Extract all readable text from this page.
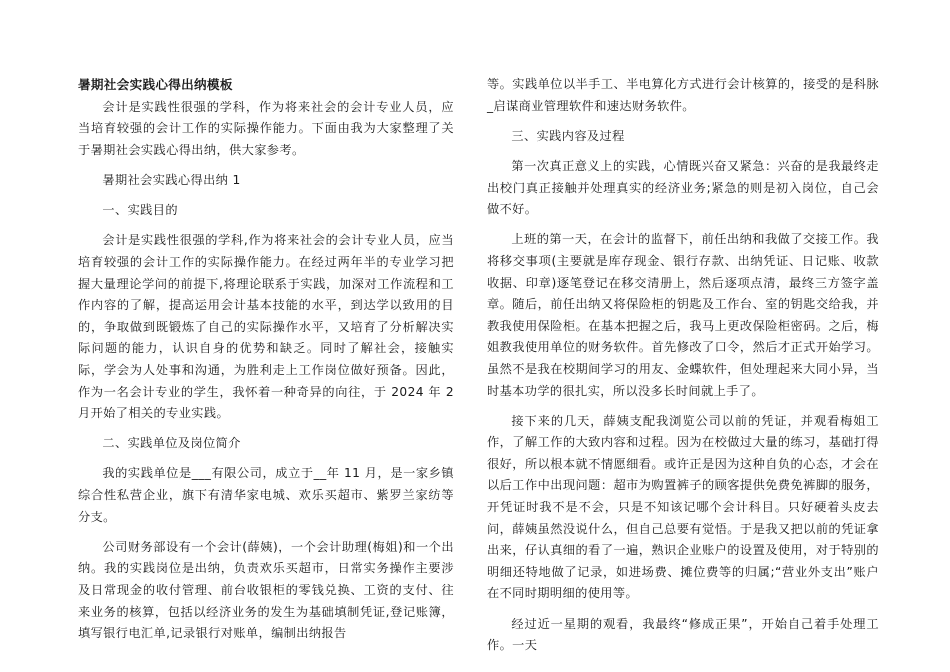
暑期社会实践心得出纳模板

会计是实践性很强的学科，作为将来社会的会计专业人员，应当培育较强的会计工作的实际操作能力。下面由我为大家整理了关于暑期社会实践心得出纳，供大家参考。

暑期社会实践心得出纳 1

一、实践目的

会计是实践性很强的学科,作为将来社会的会计专业人员，应当培育较强的会计工作的实际操作能力。在经过两年半的专业学习把握大量理论学问的前提下,将理论联系于实践，加深对工作流程和工作内容的了解，提高运用会计基本技能的水平，到达学以致用的目的，争取做到既锻炼了自己的实际操作水平，又培育了分析解决实际问题的能力，认识自身的优势和缺乏。同时了解社会，接触实际，学会为人处事和沟通，为胜利走上工作岗位做好预备。因此，作为一名会计专业的学生，我怀着一种奇异的向往，于 2024 年 2 月开始了相关的专业实践。

二、实践单位及岗位简介

我的实践单位是___有限公司，成立于__年 11 月，是一家乡镇综合性私营企业，旗下有清华家电城、欢乐买超市、紫罗兰家纺等分支。

公司财务部设有一个会计(薛姨)，一个会计助理(梅姐)和一个出纳。我的实践岗位是出纳，负责欢乐买超市，日常实务操作主要涉及日常现金的收付管理、前台收银柜的零钱兑换、工资的支付、往来业务的核算，包括以经济业务的发生为基础填制凭证,登记账簿，填写银行电汇单,记录银行对账单，编制出纳报告

等。实践单位以半手工、半电算化方式进行会计核算的，接受的是科脉_启谋商业管理软件和速达财务软件。

三、实践内容及过程

第一次真正意义上的实践，心情既兴奋又紧急：兴奋的是我最终走出校门真正接触并处理真实的经济业务;紧急的则是初入岗位，自己会做不好。

上班的第一天，在会计的监督下，前任出纳和我做了交接工作。我将移交事项(主要就是库存现金、银行存款、出纳凭证、日记账、收款收据、印章)逐笔登记在移交清册上，然后逐项点清，最终三方签字盖章。随后，前任出纳又将保险柜的钥匙及工作台、室的钥匙交给我，并教我使用保险柜。在基本把握之后，我马上更改保险柜密码。之后，梅姐教我使用单位的财务软件。首先修改了口令，然后才正式开始学习。虽然不是我在校期间学习的用友、金蝶软件，但处理起来大同小异，当时基本功学的很扎实，所以没多长时间就上手了。

接下来的几天，薛姨支配我浏览公司以前的凭证，并观看梅姐工作，了解工作的大致内容和过程。因为在校做过大量的练习，基础打得很好，所以根本就不情愿细看。或许正是因为这种自负的心态，才会在以后工作中出现问题：超市为购置裤子的顾客提供免费免裤脚的服务，开凭证时我不是不会，只是不知该记哪个会计科目。只好硬着头皮去问，薛姨虽然没说什么，但自己总要有觉悟。于是我又把以前的凭证拿出来，仔认真细的看了一遍，熟识企业账户的设置及使用，对于特别的明细还特地做了记录，如进场费、摊位费等的归属;“营业外支出”账户在不同时期明细的使用等。

经过近一星期的观看，我最终“修成正果”，开始自己着手处理工作。一天
